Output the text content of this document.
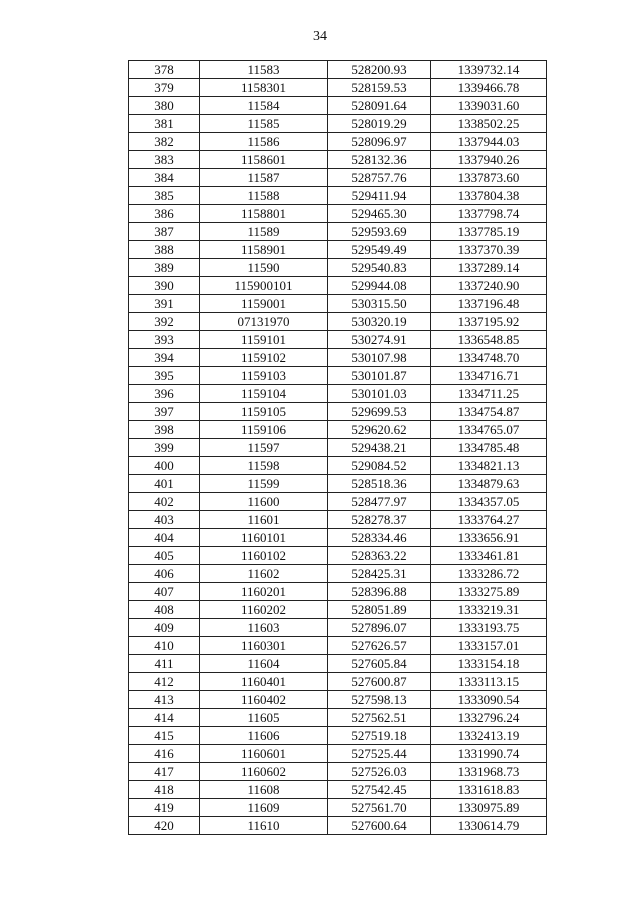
34
378	11583	528200.93	1339732.14
379	1158301	528159.53	1339466.78
380	11584	528091.64	1339031.60
381	11585	528019.29	1338502.25
382	11586	528096.97	1337944.03
383	1158601	528132.36	1337940.26
384	11587	528757.76	1337873.60
385	11588	529411.94	1337804.38
386	1158801	529465.30	1337798.74
387	11589	529593.69	1337785.19
388	1158901	529549.49	1337370.39
389	11590	529540.83	1337289.14
390	115900101	529944.08	1337240.90
391	1159001	530315.50	1337196.48
392	07131970	530320.19	1337195.92
393	1159101	530274.91	1336548.85
394	1159102	530107.98	1334748.70
395	1159103	530101.87	1334716.71
396	1159104	530101.03	1334711.25
397	1159105	529699.53	1334754.87
398	1159106	529620.62	1334765.07
399	11597	529438.21	1334785.48
400	11598	529084.52	1334821.13
401	11599	528518.36	1334879.63
402	11600	528477.97	1334357.05
403	11601	528278.37	1333764.27
404	1160101	528334.46	1333656.91
405	1160102	528363.22	1333461.81
406	11602	528425.31	1333286.72
407	1160201	528396.88	1333275.89
408	1160202	528051.89	1333219.31
409	11603	527896.07	1333193.75
410	1160301	527626.57	1333157.01
411	11604	527605.84	1333154.18
412	1160401	527600.87	1333113.15
413	1160402	527598.13	1333090.54
414	11605	527562.51	1332796.24
415	11606	527519.18	1332413.19
416	1160601	527525.44	1331990.74
417	1160602	527526.03	1331968.73
418	11608	527542.45	1331618.83
419	11609	527561.70	1330975.89
420	11610	527600.64	1330614.79
